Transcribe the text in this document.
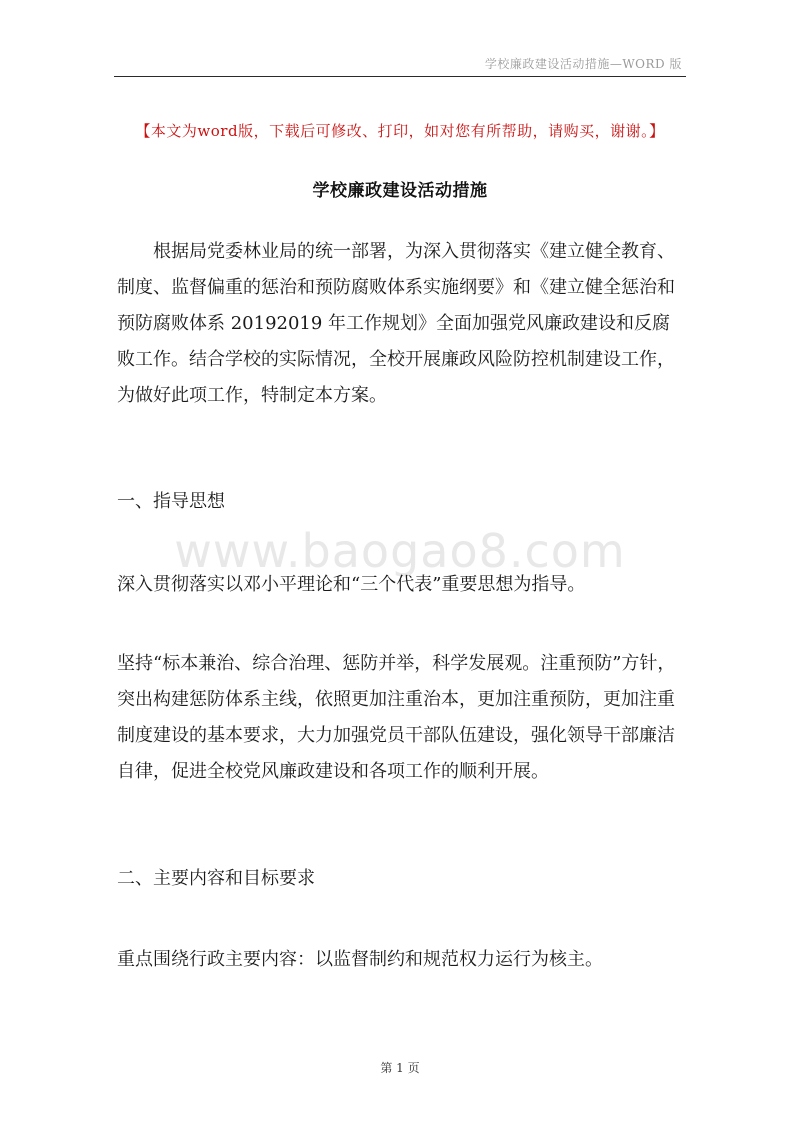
学校廉政建设活动措施—WORD 版
【本文为word版，下载后可修改、打印，如对您有所帮助，请购买，谢谢。】
学校廉政建设活动措施
根据局党委林业局的统一部署，为深入贯彻落实《建立健全教育、制度、监督偏重的惩治和预防腐败体系实施纲要》和《建立健全惩治和预防腐败体系 20192019 年工作规划》全面加强党风廉政建设和反腐败工作。结合学校的实际情况，全校开展廉政风险防控机制建设工作，为做好此项工作，特制定本方案。
一、指导思想
www.baogao8.com
深入贯彻落实以邓小平理论和“三个代表”重要思想为指导。
坚持“标本兼治、综合治理、惩防并举，科学发展观。注重预防”方针，突出构建惩防体系主线，依照更加注重治本，更加注重预防，更加注重制度建设的基本要求，大力加强党员干部队伍建设，强化领导干部廉洁自律，促进全校党风廉政建设和各项工作的顺利开展。
二、主要内容和目标要求
重点围绕行政主要内容：以监督制约和规范权力运行为核主。
第 1 页
